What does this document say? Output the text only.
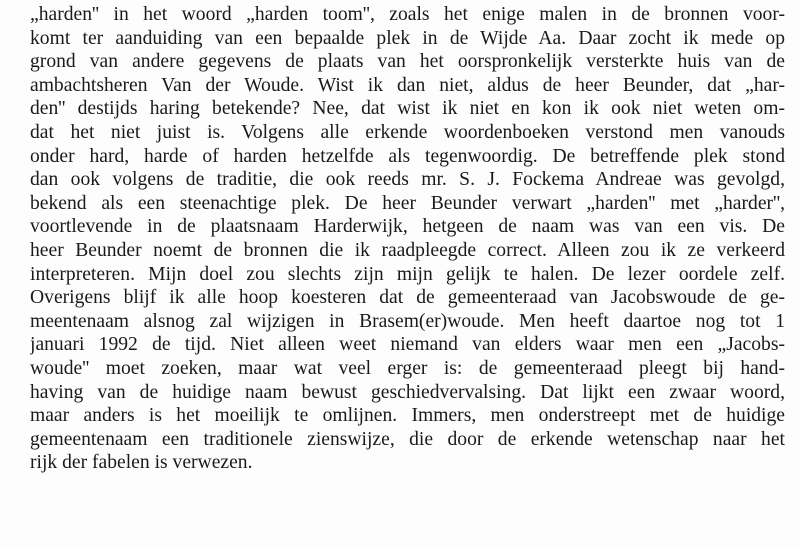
„harden'' in het woord „harden toom'', zoals het enige malen in de bronnen voor-
komt ter aanduiding van een bepaalde plek in de Wijde Aa. Daar zocht ik mede op
grond van andere gegevens de plaats van het oorspronkelijk versterkte huis van de
ambachtsheren Van der Woude. Wist ik dan niet, aldus de heer Beunder, dat „har-
den'' destijds haring betekende? Nee, dat wist ik niet en kon ik ook niet weten om-
dat het niet juist is. Volgens alle erkende woordenboeken verstond men vanouds
onder hard, harde of harden hetzelfde als tegenwoordig. De betreffende plek stond
dan ook volgens de traditie, die ook reeds mr. S. J. Fockema Andreae was gevolgd,
bekend als een steenachtige plek. De heer Beunder verwart „harden'' met „harder'',
voortlevende in de plaatsnaam Harderwijk, hetgeen de naam was van een vis. De
heer Beunder noemt de bronnen die ik raadpleegde correct. Alleen zou ik ze verkeerd
interpreteren. Mijn doel zou slechts zijn mijn gelijk te halen. De lezer oordele zelf.
Overigens blijf ik alle hoop koesteren dat de gemeenteraad van Jacobswoude de ge-
meentenaam alsnog zal wijzigen in Brasem(er)woude. Men heeft daartoe nog tot 1
januari 1992 de tijd. Niet alleen weet niemand van elders waar men een „Jacobs-
woude'' moet zoeken, maar wat veel erger is: de gemeenteraad pleegt bij hand-
having van de huidige naam bewust geschiedvervalsing. Dat lijkt een zwaar woord,
maar anders is het moeilijk te omlijnen. Immers, men onderstreept met de huidige
gemeentenaam een traditionele zienswijze, die door de erkende wetenschap naar het
rijk der fabelen is verwezen.
